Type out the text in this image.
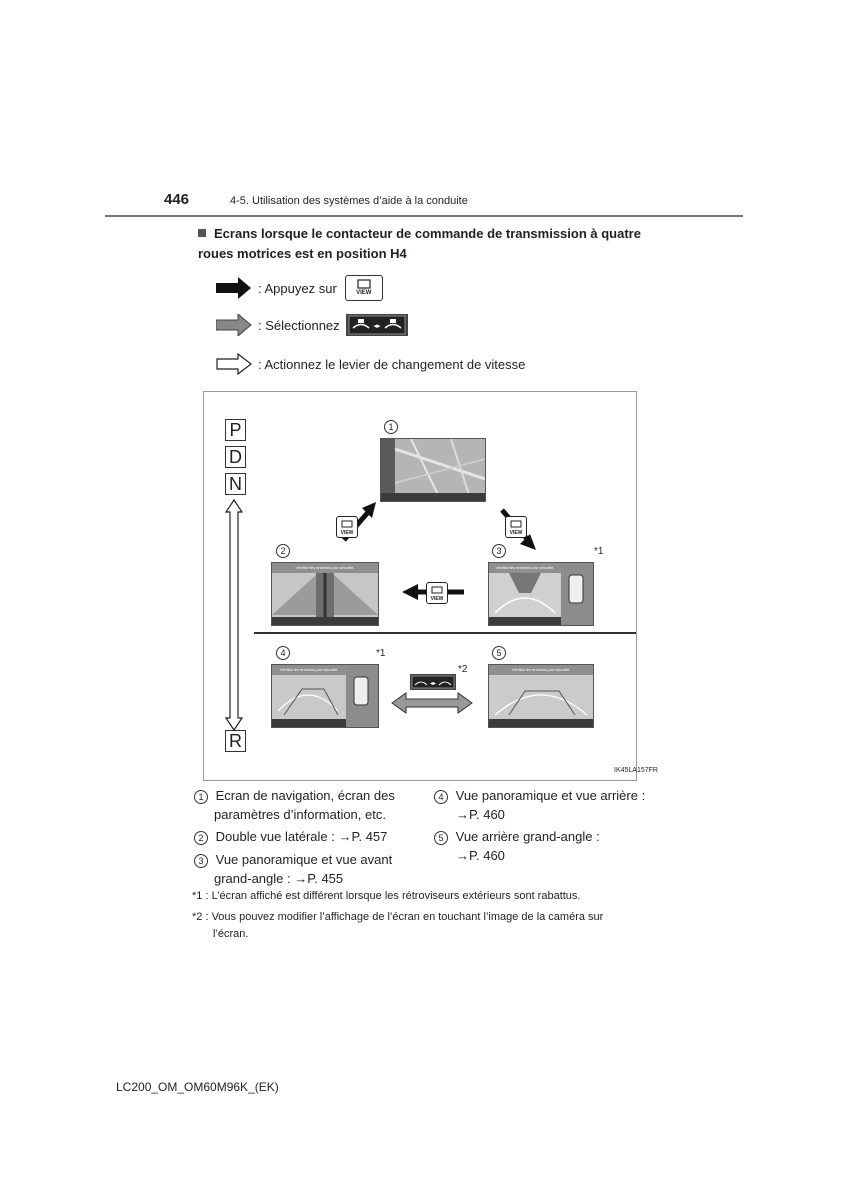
446	4-5. Utilisation des systèmes d’aide à la conduite
Ecrans lorsque le contacteur de commande de transmission à quatre
roues motrices est en position H4
: Appuyez sur	VIEW
: Sélectionnez	◂▸
: Actionnez le levier de changement de vitesse
P
D
N
R
1
2	3
4	5
*1
*1
*2
Vérifiez les environs par sécurité.	Vérifiez les environs par sécurité.
Vérifiez les environs par sécurité.	Vérifiez les environs par sécurité.
VIEW	VIEW
VIEW
◂▸
IK45LA157FR
1 Ecran de navigation, écran des
paramètres d’information, etc.
2 Double vue latérale : →P. 457
3 Vue panoramique et vue avant
grand-angle : →P. 455
4 Vue panoramique et vue arrière :
→P. 460
5 Vue arrière grand-angle :
→P. 460
*1 : L’écran affiché est différent lorsque les rétroviseurs extérieurs sont rabattus.
*2 : Vous pouvez modifier l’affichage de l’écran en touchant l’image de la caméra sur
l’écran.
LC200_OM_OM60M96K_(EK)
